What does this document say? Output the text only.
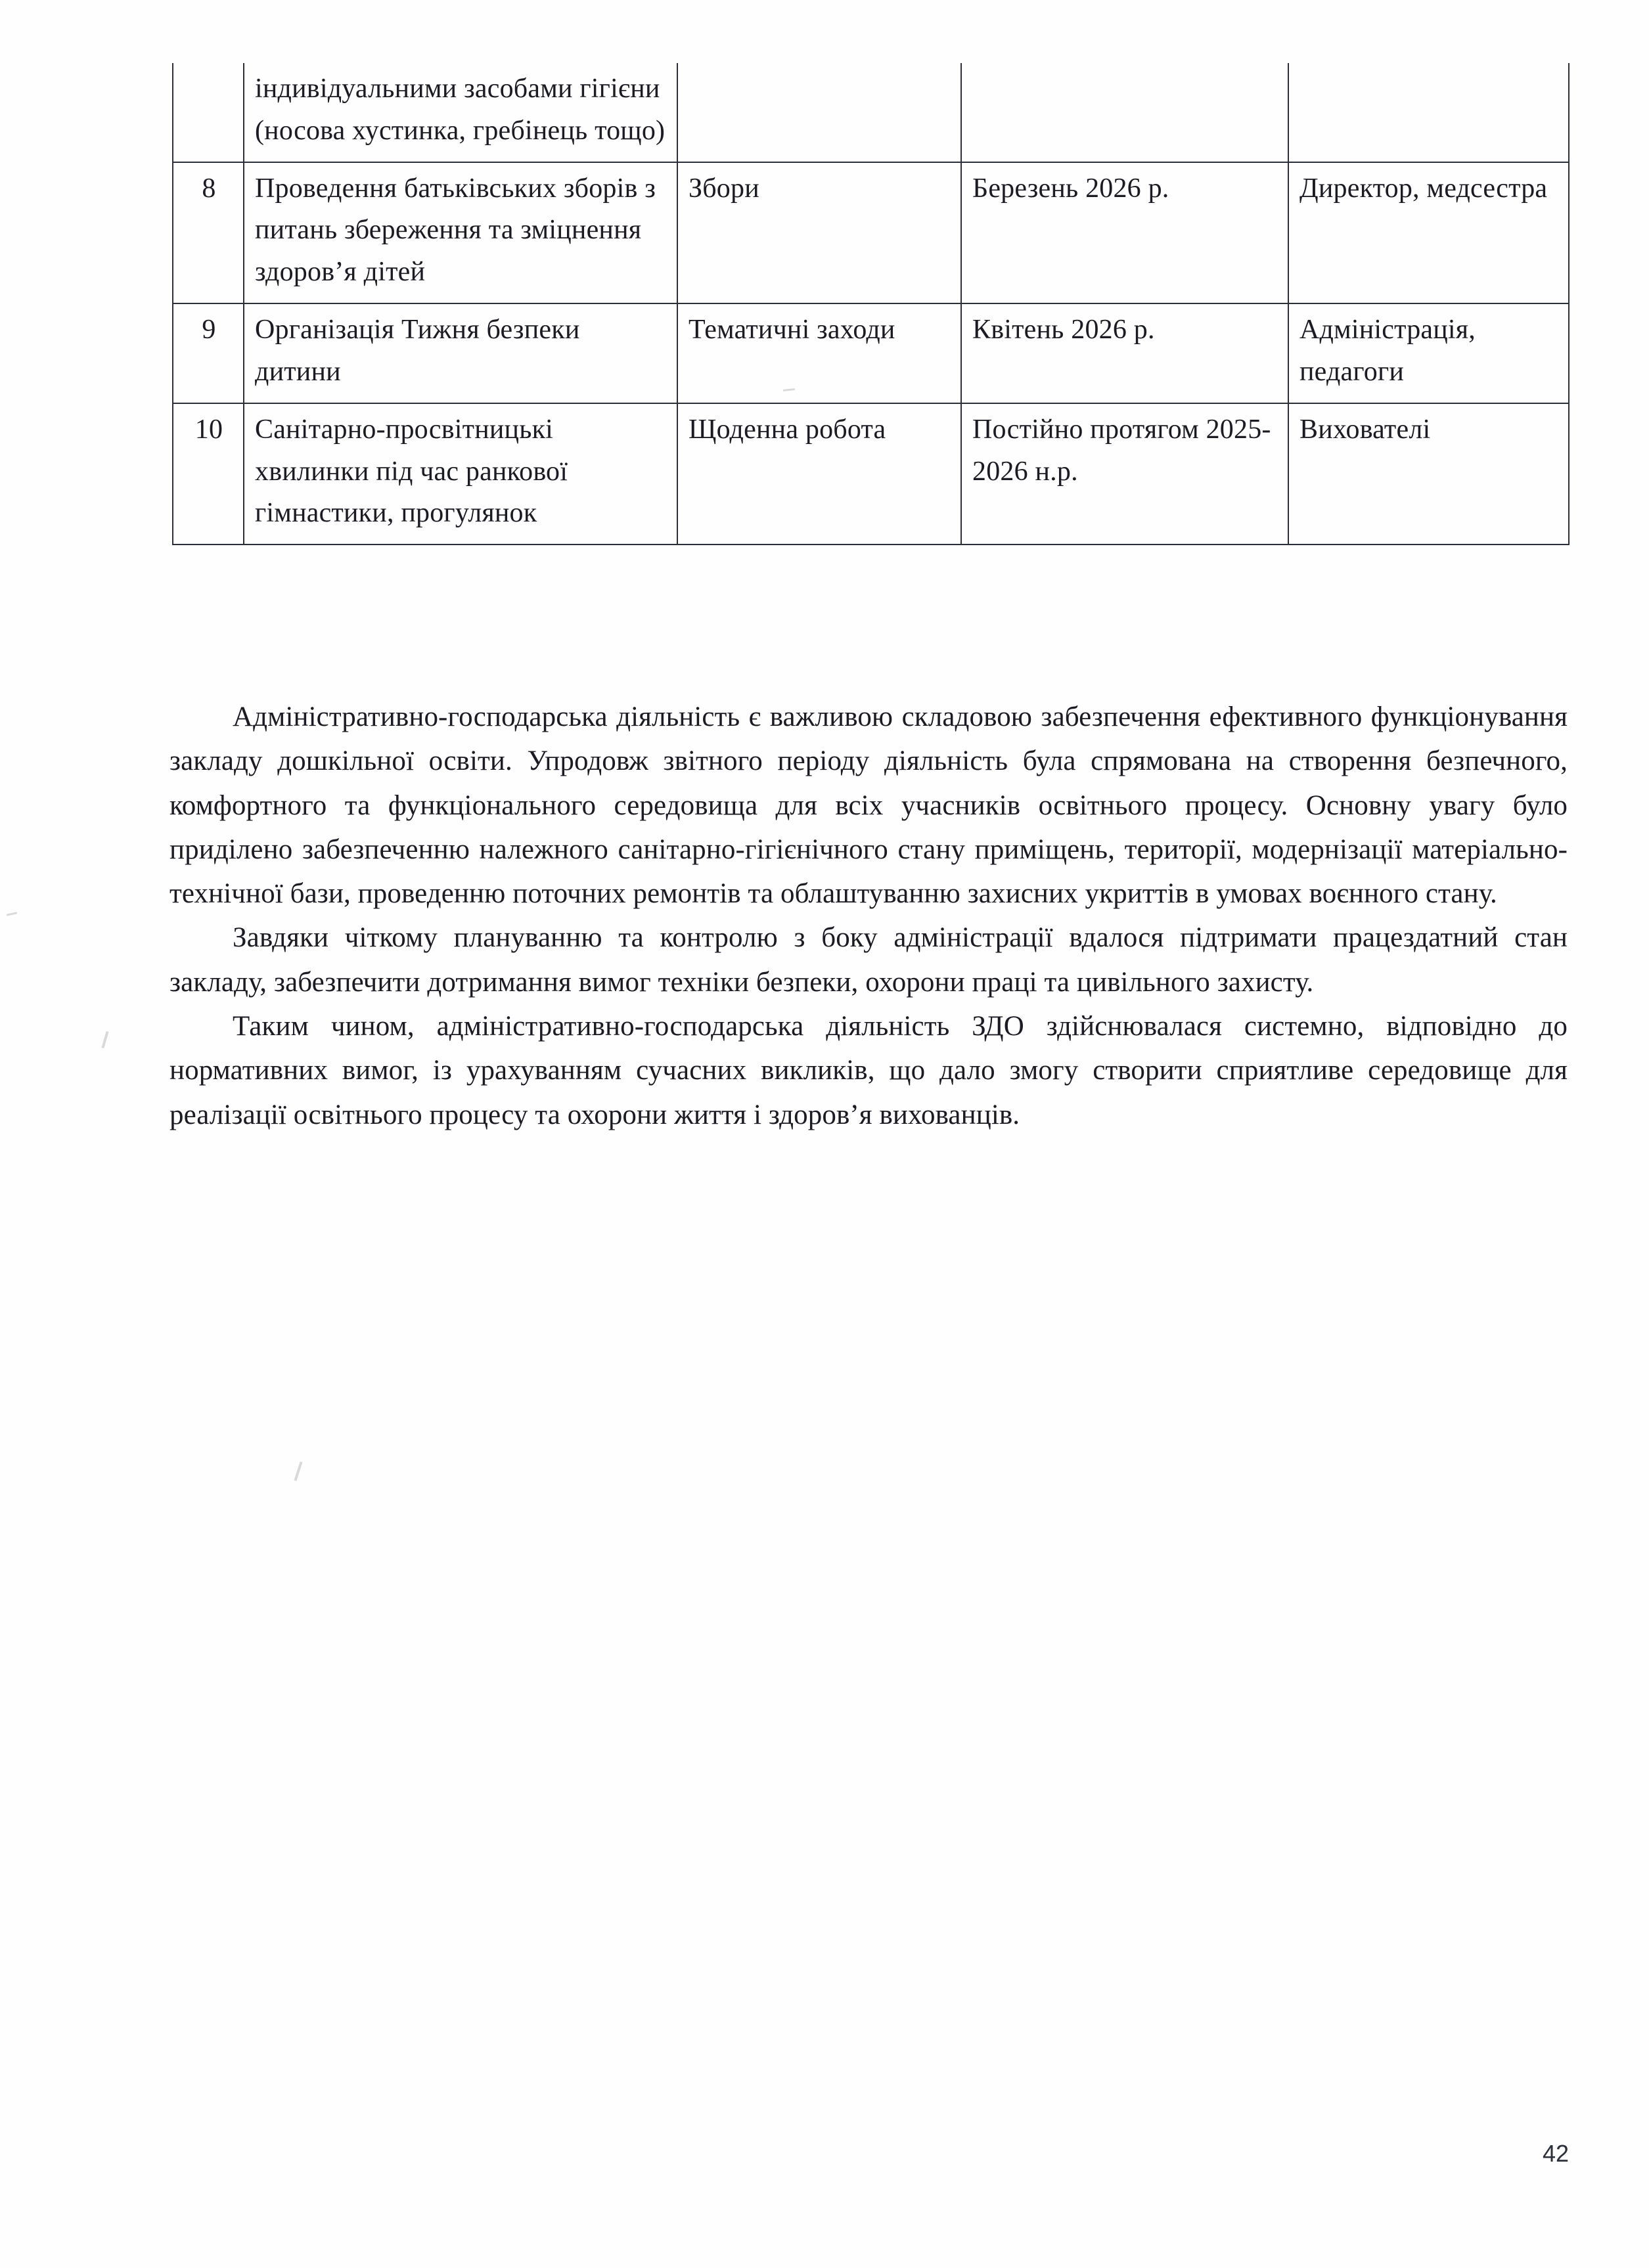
	індивідуальними засобами гігієни (носова хустинка, гребінець тощо)			
8	Проведення батьківських зборів з питань збереження та зміцнення здоров’я дітей	Збори	Березень 2026 р.	Директор, медсестра
9	Організація Тижня безпеки дитини	Тематичні заходи	Квітень 2026 р.	Адміністрація, педагоги
10	Санітарно-просвітницькі хвилинки під час ранкової гімнастики, прогулянок	Щоденна робота	Постійно протягом 2025-2026 н.р.	Вихователі

Адміністративно-господарська діяльність є важливою складовою забезпечення ефективного функціонування закладу дошкільної освіти. Упродовж звітного періоду діяльність була спрямована на створення безпечного, комфортного та функціонального середовища для всіх учасників освітнього процесу. Основну увагу було приділено забезпеченню належного санітарно-гігієнічного стану приміщень, території, модернізації матеріально-технічної бази, проведенню поточних ремонтів та облаштуванню захисних укриттів в умовах воєнного стану.

Завдяки чіткому плануванню та контролю з боку адміністрації вдалося підтримати працездатний стан закладу, забезпечити дотримання вимог техніки безпеки, охорони праці та цивільного захисту.

Таким чином, адміністративно-господарська діяльність ЗДО здійснювалася системно, відповідно до нормативних вимог, із урахуванням сучасних викликів, що дало змогу створити сприятливе середовище для реалізації освітнього процесу та охорони життя і здоров’я вихованців.

42
